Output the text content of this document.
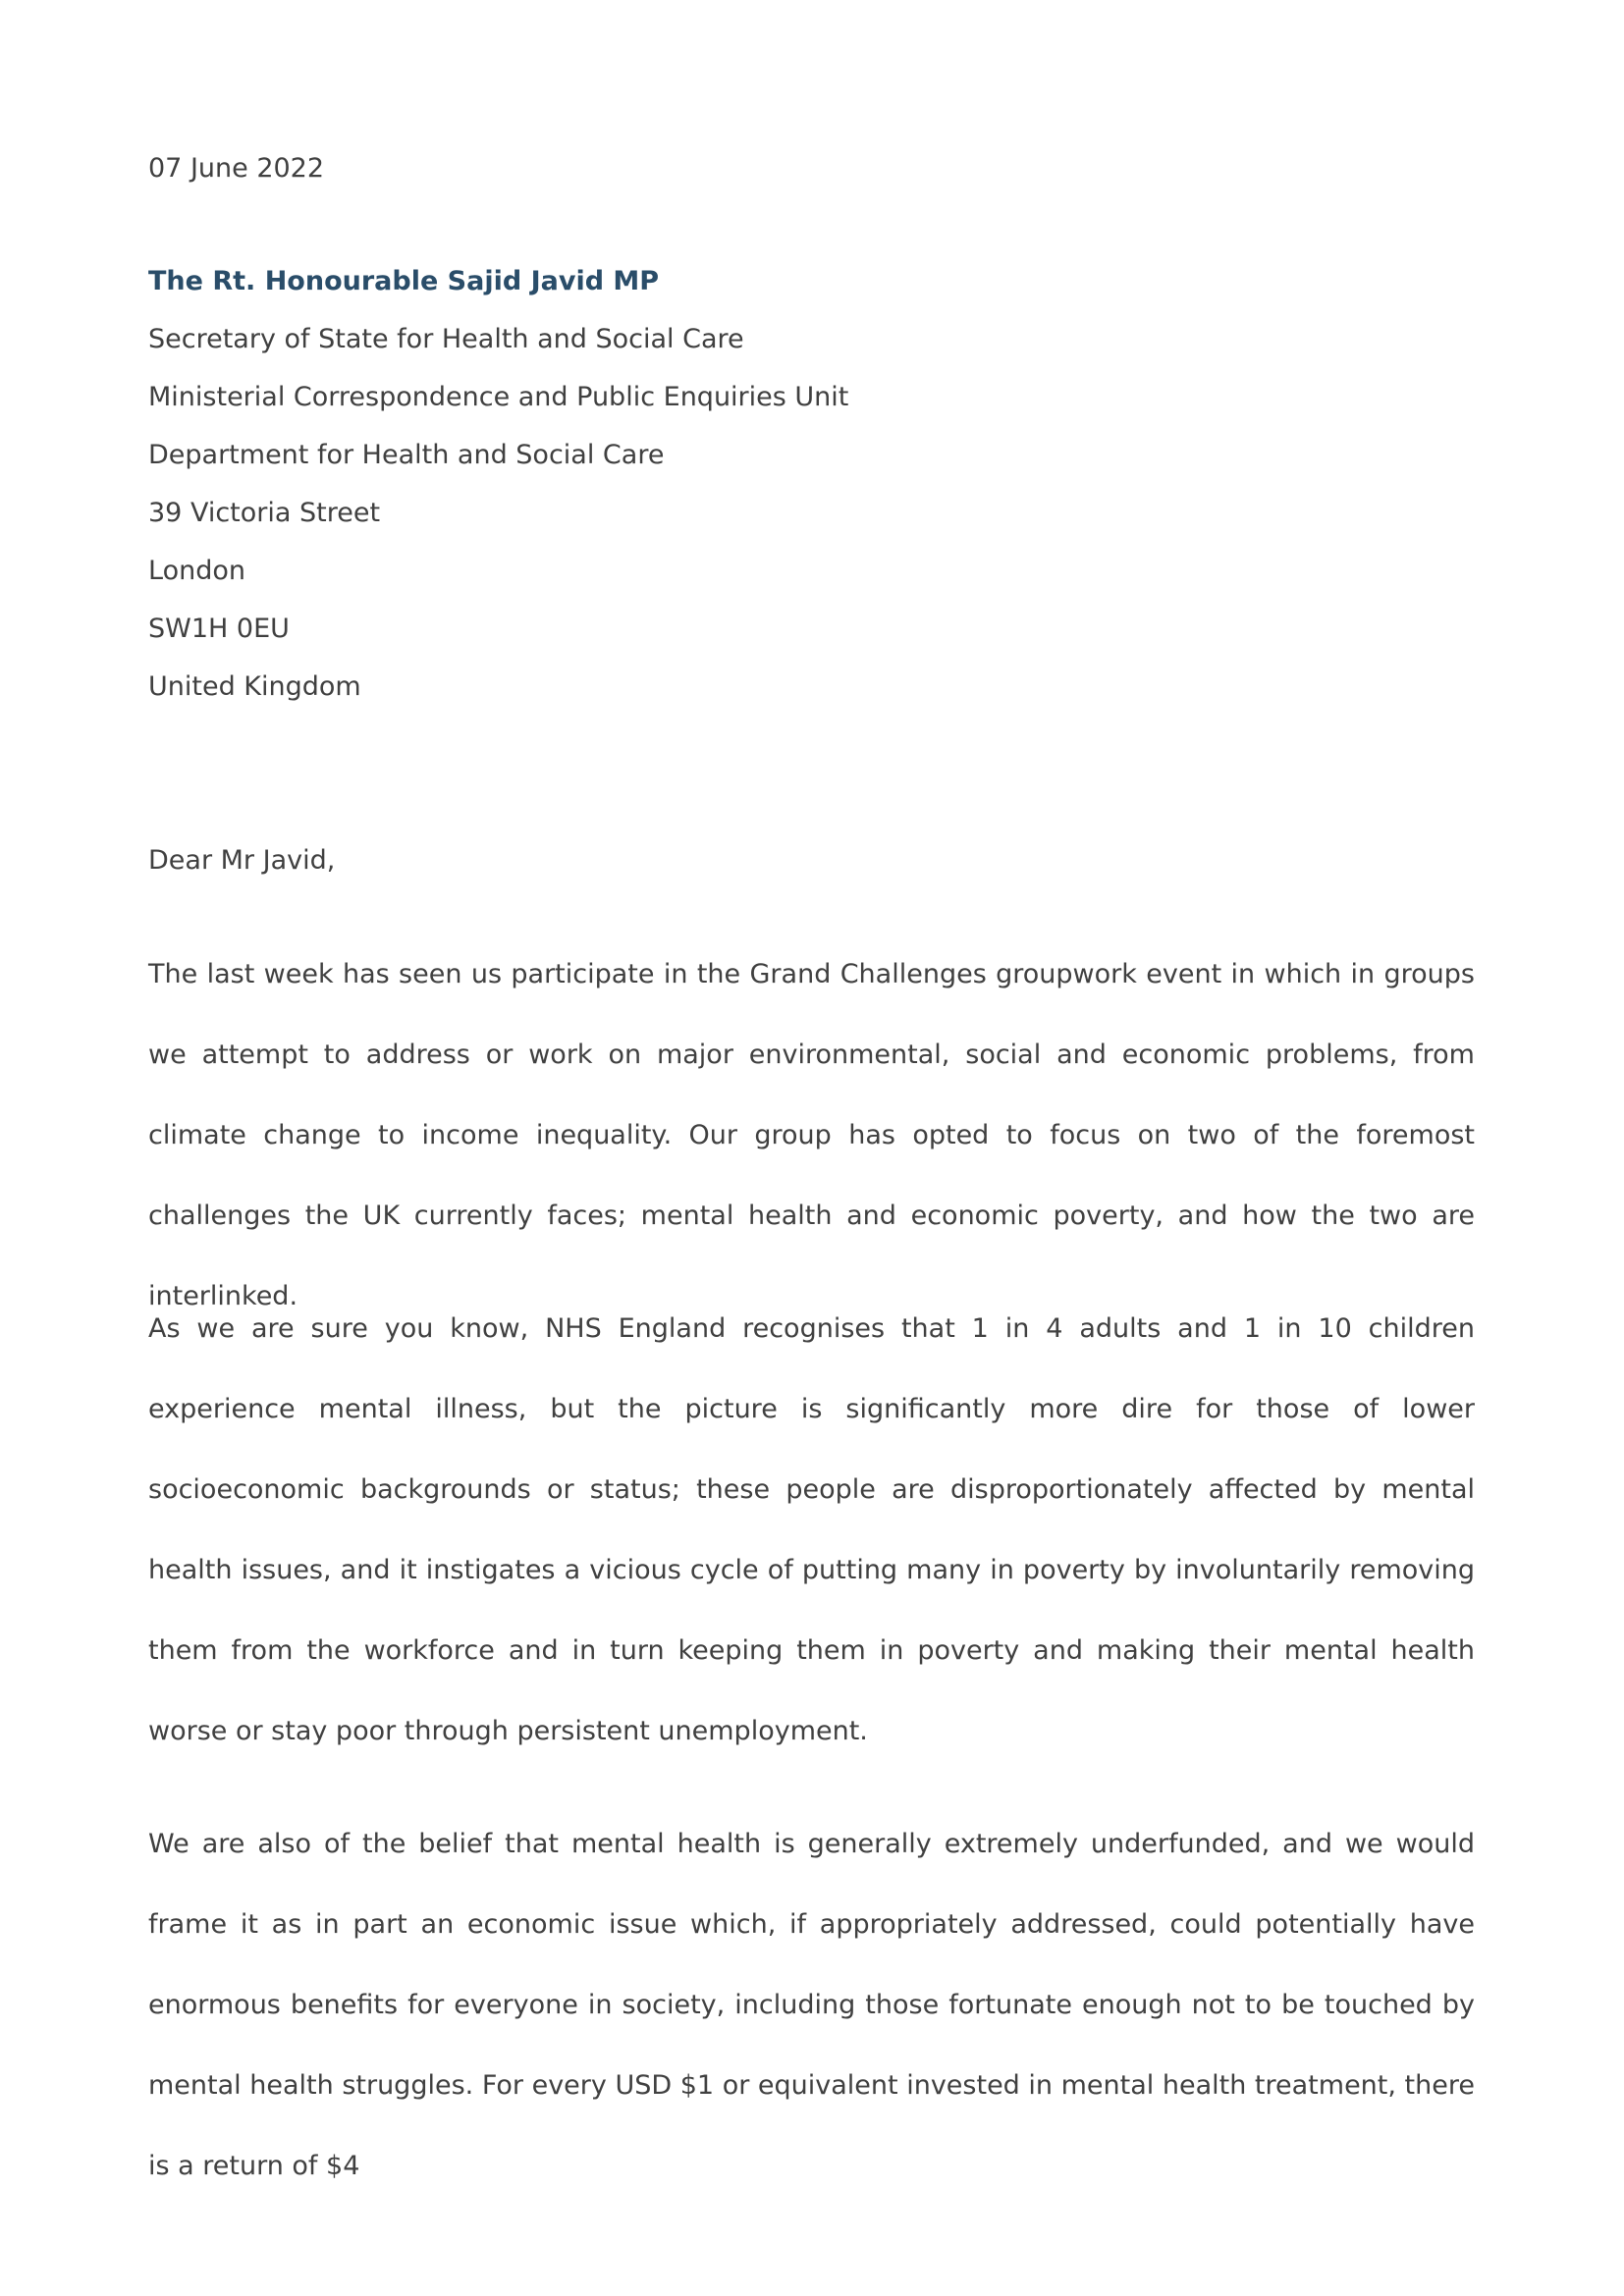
07 June 2022
The Rt. Honourable Sajid Javid MP
Secretary of State for Health and Social Care
Ministerial Correspondence and Public Enquiries Unit
Department for Health and Social Care
39 Victoria Street
London
SW1H 0EU
United Kingdom
Dear Mr Javid,

The last week has seen us participate in the Grand Challenges groupwork event in which in groups we attempt to address or work on major environmental, social and economic problems, from climate change to income inequality. Our group has opted to focus on two of the foremost challenges the UK currently faces; mental health and economic poverty, and how the two are interlinked.

As we are sure you know, NHS England recognises that 1 in 4 adults and 1 in 10 children experience mental illness, but the picture is significantly more dire for those of lower socioeconomic backgrounds or status; these people are disproportionately affected by mental health issues, and it instigates a vicious cycle of putting many in poverty by involuntarily removing them from the workforce and in turn keeping them in poverty and making their mental health worse or stay poor through persistent unemployment.

We are also of the belief that mental health is generally extremely underfunded, and we would frame it as in part an economic issue which, if appropriately addressed, could potentially have enormous benefits for everyone in society, including those fortunate enough not to be touched by mental health struggles. For every USD $1 or equivalent invested in mental health treatment, there is a return of $4
